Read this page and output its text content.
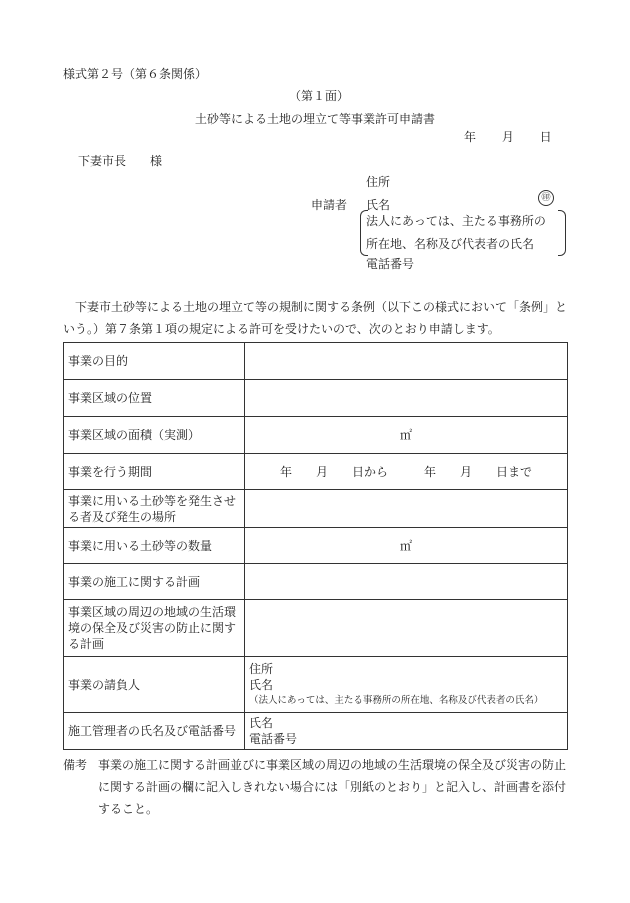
様式第２号（第６条関係）
（第１面）
土砂等による土地の埋立て等事業許可申請書
年 月 日
下妻市長 様
申請者
住所
氏名	㊞
法人にあっては、主たる事務所の
所在地、名称及び代表者の氏名
電話番号
下妻市土砂等による土地の埋立て等の規制に関する条例（以下この様式において「条例」という。）第７条第１項の規定による許可を受けたいので、次のとおり申請します。
事業の目的	
事業区域の位置	
事業区域の面積（実測）	㎡
事業を行う期間	年　　月　　日から　　　年　　月　　日まで
事業に用いる土砂等を発生させる者及び発生の場所	
事業に用いる土砂等の数量	㎡
事業の施工に関する計画	
事業区域の周辺の地域の生活環境の保全及び災害の防止に関する計画	
事業の請負人	住所
氏名
（法人にあっては、主たる事務所の所在地、名称及び代表者の氏名）

施工管理者の氏名及び電話番号	氏名
電話番号
備考 事業の施工に関する計画並びに事業区域の周辺の地域の生活環境の保全及び災害の防止に関する計画の欄に記入しきれない場合には「別紙のとおり」と記入し、計画書を添付すること。
